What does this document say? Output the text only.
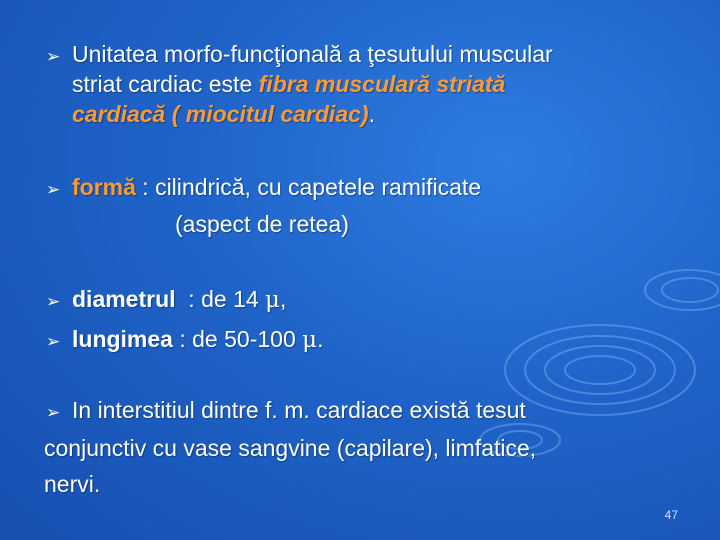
➢ Unitatea morfo-funcţională a ţesutului muscular
striat cardiac este fibra musculară striată
cardiacă ( miocitul cardiac).
➢ formă : cilindrică, cu capetele ramificate
(aspect de retea)
➢ diametrul  : de 14 μ,
➢ lungimea : de 50-100 μ.
➢ In interstitiul dintre f. m. cardiace există tesut
conjunctiv cu vase sangvine (capilare), limfatice,
nervi.
47
